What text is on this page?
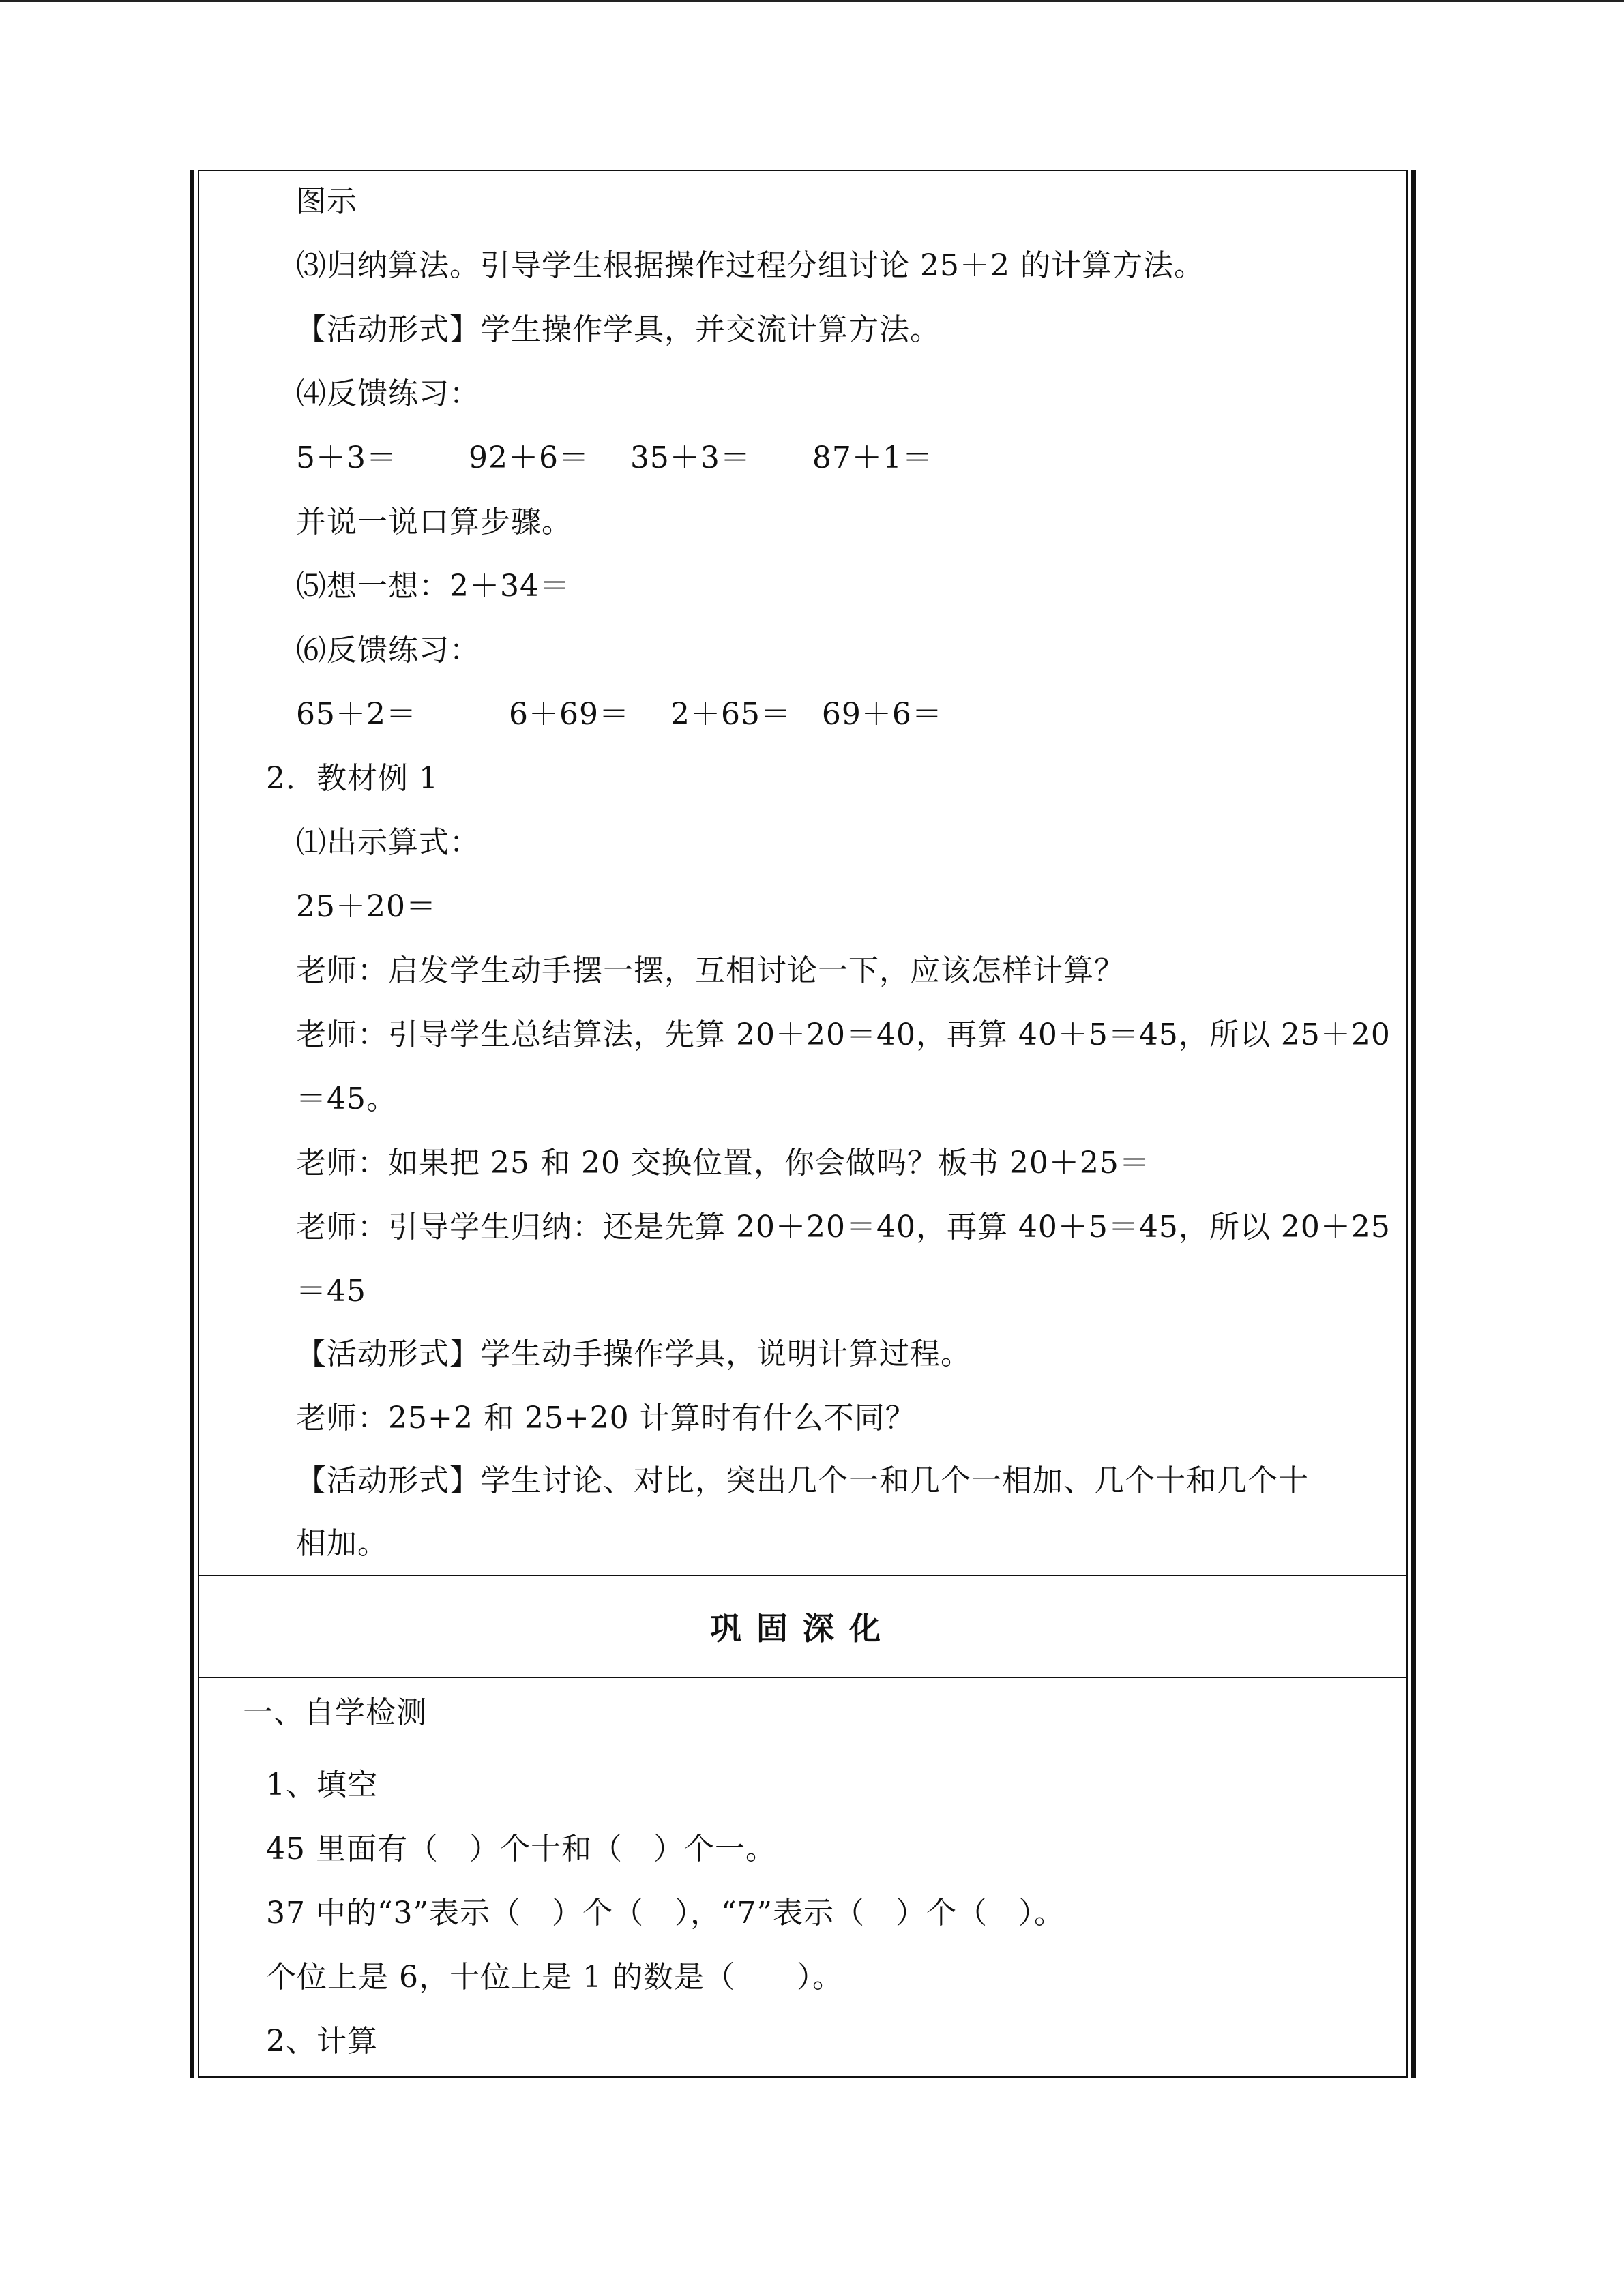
图示
⑶归纳算法。引导学生根据操作过程分组讨论 25＋2 的计算方法。
【活动形式】学生操作学具，并交流计算方法。
⑷反馈练习：
5＋3＝　　 92＋6＝　 35＋3＝　　87＋1＝
并说一说口算步骤。
⑸想一想：2＋34＝
⑹反馈练习：
65＋2＝　　　6＋69＝　 2＋65＝　69＋6＝
2．教材例 1
⑴出示算式：
25＋20＝
老师：启发学生动手摆一摆，互相讨论一下，应该怎样计算？
老师：引导学生总结算法，先算 20＋20＝40，再算 40＋5＝45，所以 25＋20
＝45。
老师：如果把 25 和 20 交换位置，你会做吗？板书 20＋25＝
老师：引导学生归纳：还是先算 20＋20＝40，再算 40＋5＝45，所以 20＋25
＝45
【活动形式】学生动手操作学具，说明计算过程。
老师：25+2 和 25+20 计算时有什么不同？
【活动形式】学生讨论、对比，突出几个一和几个一相加、几个十和几个十
相加。
巩固深化
一、自学检测
1、填空
45 里面有（　）个十和（　）个一。
37 中的“3”表示（　）个（　），“7”表示（　）个（　）。
个位上是 6，十位上是 1 的数是（　　）。
2、计算
